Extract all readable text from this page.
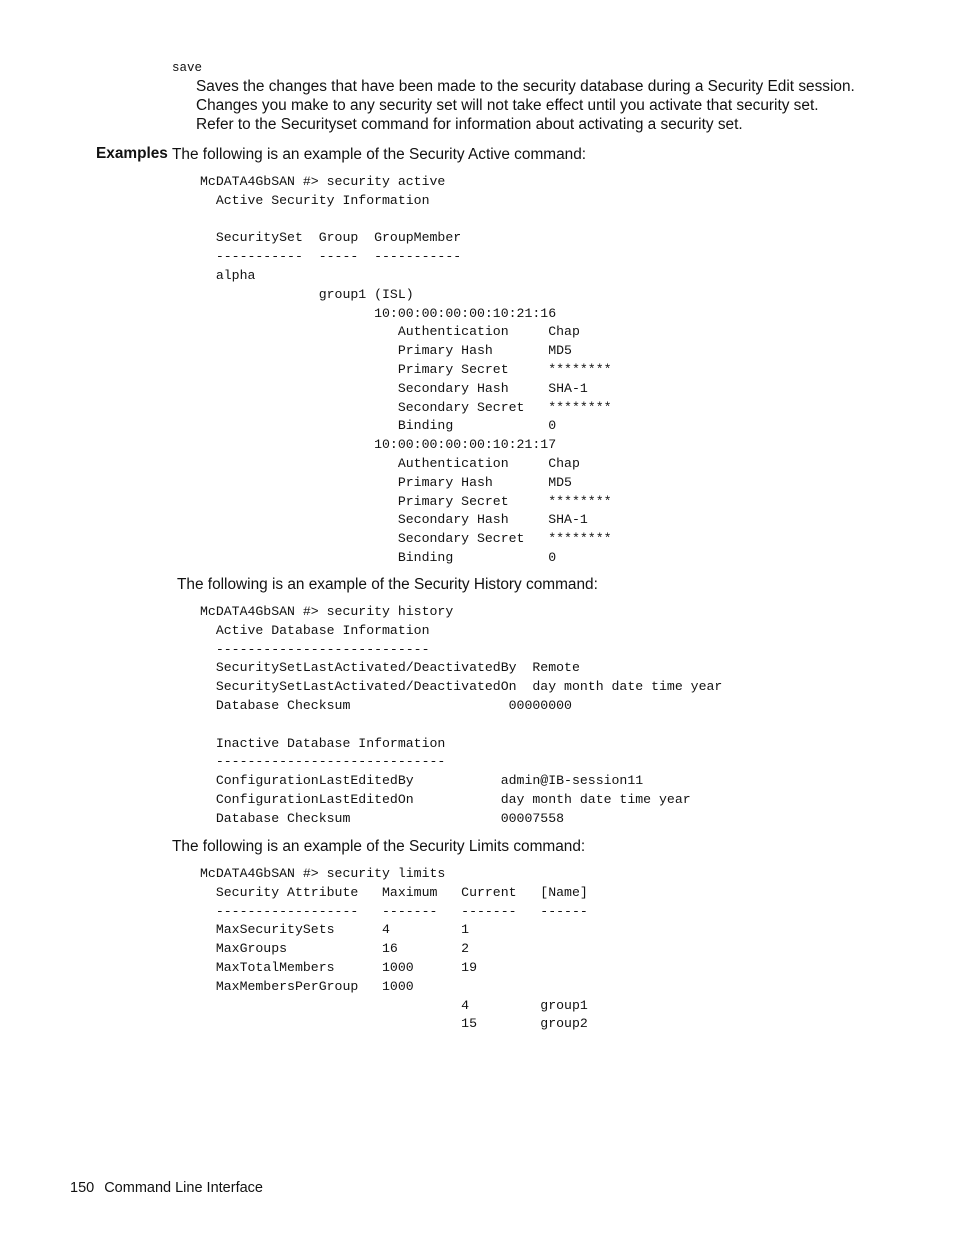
save
Saves the changes that have been made to the security database during a Security Edit session. Changes you make to any security set will not take effect until you activate that security set. Refer to the Securityset command for information about activating a security set.
Examples The following is an example of the Security Active command:
McDATA4GbSAN #> security active
Active Security Information

SecuritySet  Group  GroupMember
-----------  -----  -----------
alpha
group1 (ISL)
10:00:00:00:00:10:21:16
Authentication     Chap
Primary Hash       MD5
Primary Secret     ********
Secondary Hash     SHA-1
Secondary Secret   ********
Binding            0
10:00:00:00:00:10:21:17
Authentication     Chap
Primary Hash       MD5
Primary Secret     ********
Secondary Hash     SHA-1
Secondary Secret   ********
Binding            0
The following is an example of the Security History command:
McDATA4GbSAN #> security history
Active Database Information
---------------------------
SecuritySetLastActivated/DeactivatedBy  Remote
SecuritySetLastActivated/DeactivatedOn  day month date time year
Database Checksum                    00000000

Inactive Database Information
-----------------------------
ConfigurationLastEditedBy           admin@IB-session11
ConfigurationLastEditedOn           day month date time year
Database Checksum                   00007558
The following is an example of the Security Limits command:
McDATA4GbSAN #> security limits
Security Attribute   Maximum   Current   [Name]
------------------   -------   -------   ------
MaxSecuritySets      4         1
MaxGroups            16        2
MaxTotalMembers      1000      19
MaxMembersPerGroup   1000
4         group1
15        group2
150 Command Line Interface
